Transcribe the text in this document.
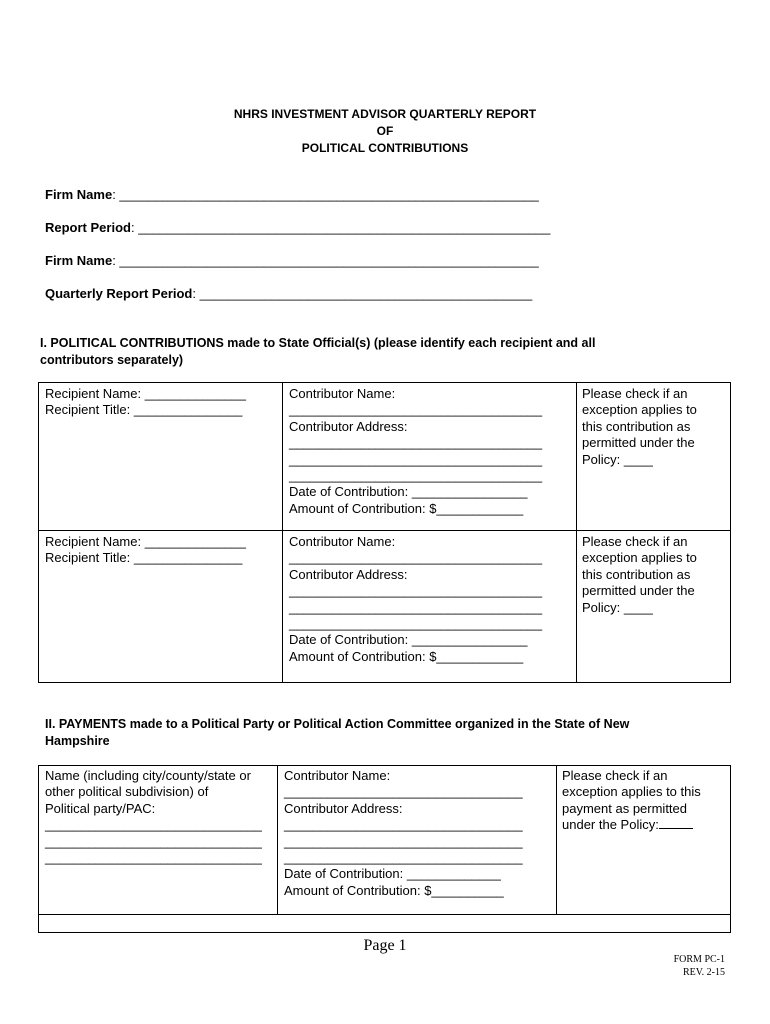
NHRS INVESTMENT ADVISOR QUARTERLY REPORT
OF
POLITICAL CONTRIBUTIONS
Firm Name: __________________________________________________________
Report Period: _________________________________________________________
Firm Name: __________________________________________________________
Quarterly Report Period: ______________________________________________
I. POLITICAL CONTRIBUTIONS made to State Official(s) (please identify each recipient and all
contributors separately)
Recipient Name: ______________
Recipient Title: _______________
Contributor Name:
___________________________________
Contributor Address:
___________________________________
___________________________________
___________________________________
Date of Contribution: ________________
Amount of Contribution: $____________
Please check if an
exception applies to
this contribution as
permitted under the
Policy: ____
Recipient Name: ______________
Recipient Title: _______________
Contributor Name:
___________________________________
Contributor Address:
___________________________________
___________________________________
___________________________________
Date of Contribution: ________________
Amount of Contribution: $____________
Please check if an
exception applies to
this contribution as
permitted under the
Policy: ____
II. PAYMENTS made to a Political Party or Political Action Committee organized in the State of New
Hampshire
Name (including city/county/state or
other political subdivision) of
Political party/PAC:
______________________________
______________________________
______________________________
Contributor Name:
_________________________________
Contributor Address:
_________________________________
_________________________________
_________________________________
Date of Contribution: _____________
Amount of Contribution: $__________
Please check if an
exception applies to this
payment as permitted
under the Policy:
Page 1
FORM PC-1
REV. 2-15
